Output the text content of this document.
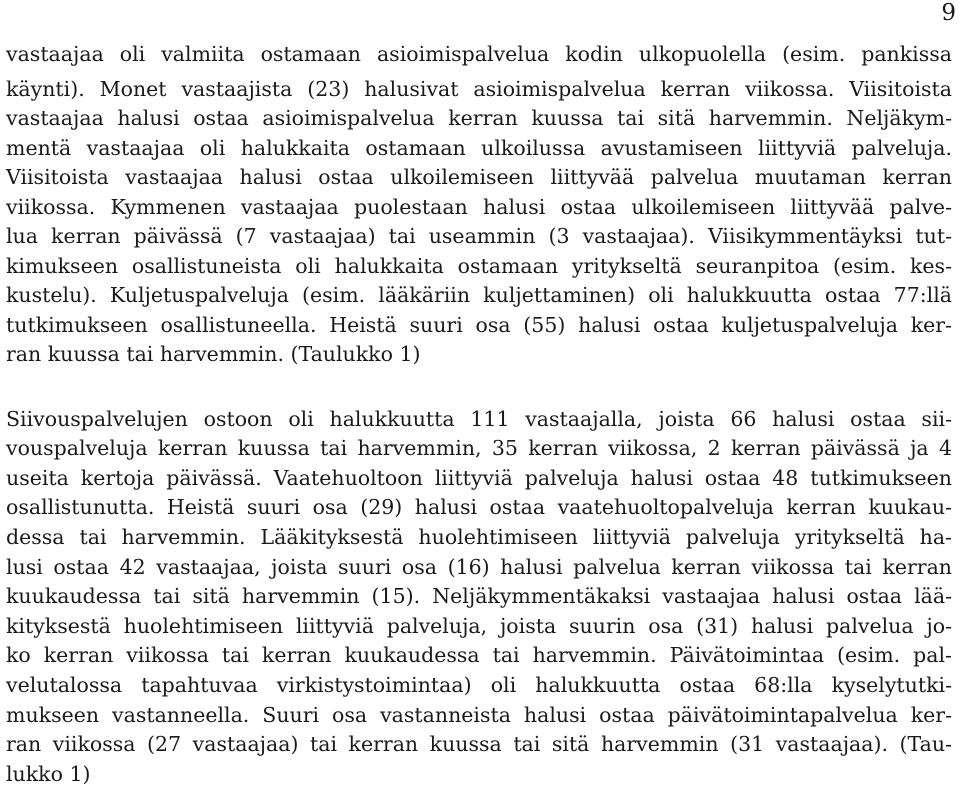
9
vastaajaa oli valmiita ostamaan asioimispalvelua kodin ulkopuolella (esim. pankissa
käynti). Monet vastaajista (23) halusivat asioimispalvelua kerran viikossa. Viisitoista
vastaajaa halusi ostaa asioimispalvelua kerran kuussa tai sitä harvemmin. Neljäkym-
mentä vastaajaa oli halukkaita ostamaan ulkoilussa avustamiseen liittyviä palveluja.
Viisitoista vastaajaa halusi ostaa ulkoilemiseen liittyvää palvelua muutaman kerran
viikossa. Kymmenen vastaajaa puolestaan halusi ostaa ulkoilemiseen liittyvää palve-
lua kerran päivässä (7 vastaajaa) tai useammin (3 vastaajaa). Viisikymmentäyksi tut-
kimukseen osallistuneista oli halukkaita ostamaan yritykseltä seuranpitoa (esim. kes-
kustelu). Kuljetuspalveluja (esim. lääkäriin kuljettaminen) oli halukkuutta ostaa 77:llä
tutkimukseen osallistuneella. Heistä suuri osa (55) halusi ostaa kuljetuspalveluja ker-
ran kuussa tai harvemmin. (Taulukko 1)
Siivouspalvelujen ostoon oli halukkuutta 111 vastaajalla, joista 66 halusi ostaa sii-
vouspalveluja kerran kuussa tai harvemmin, 35 kerran viikossa, 2 kerran päivässä ja 4
useita kertoja päivässä. Vaatehuoltoon liittyviä palveluja halusi ostaa 48 tutkimukseen
osallistunutta. Heistä suuri osa (29) halusi ostaa vaatehuoltopalveluja kerran kuukau-
dessa tai harvemmin. Lääkityksestä huolehtimiseen liittyviä palveluja yritykseltä ha-
lusi ostaa 42 vastaajaa, joista suuri osa (16) halusi palvelua kerran viikossa tai kerran
kuukaudessa tai sitä harvemmin (15). Neljäkymmentäkaksi vastaajaa halusi ostaa lää-
kityksestä huolehtimiseen liittyviä palveluja, joista suurin osa (31) halusi palvelua jo-
ko kerran viikossa tai kerran kuukaudessa tai harvemmin. Päivätoimintaa (esim. pal-
velutalossa tapahtuvaa virkistystoimintaa) oli halukkuutta ostaa 68:lla kyselytutki-
mukseen vastanneella. Suuri osa vastanneista halusi ostaa päivätoimintapalvelua ker-
ran viikossa (27 vastaajaa) tai kerran kuussa tai sitä harvemmin (31 vastaajaa). (Tau-
lukko 1)
